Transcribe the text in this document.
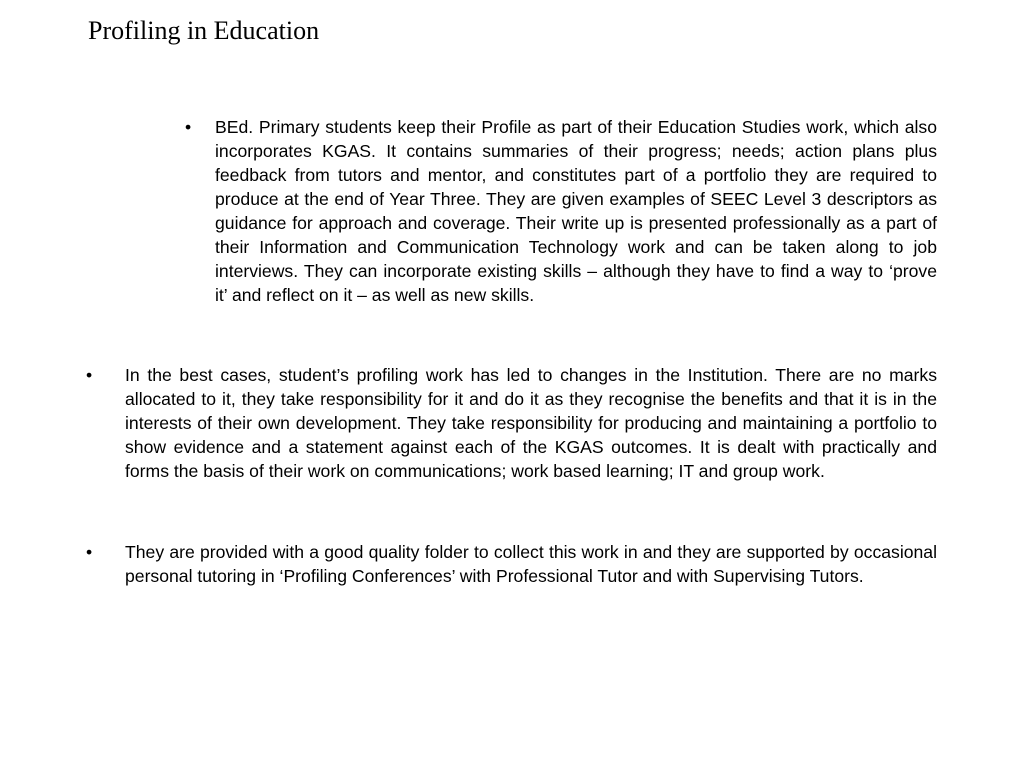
Profiling in Education
•	BEd. Primary students keep their Profile as part of their Education Studies work, which also incorporates KGAS. It contains summaries of their progress; needs; action plans plus feedback from tutors and mentor, and constitutes part of a portfolio they are required to produce at the end of Year Three. They are given examples of SEEC Level 3 descriptors as guidance for approach and coverage. Their write up is presented professionally as a part of their Information and Communication Technology work and can be taken along to job interviews. They can incorporate existing skills – although they have to find a way to ‘prove it’ and reflect on it – as well as new skills.
•	In the best cases, student’s profiling work has led to changes in the Institution. There are no marks allocated to it, they take responsibility for it and do it as they recognise the benefits and that it is in the interests of their own development. They take responsibility for producing and maintaining a portfolio to show evidence and a statement against each of the KGAS outcomes. It is dealt with practically and forms the basis of their work on communications; work based learning; IT and group work.
•	They are provided with a good quality folder to collect this work in and they are supported by occasional personal tutoring in ‘Profiling Conferences’ with Professional Tutor and with Supervising Tutors.
